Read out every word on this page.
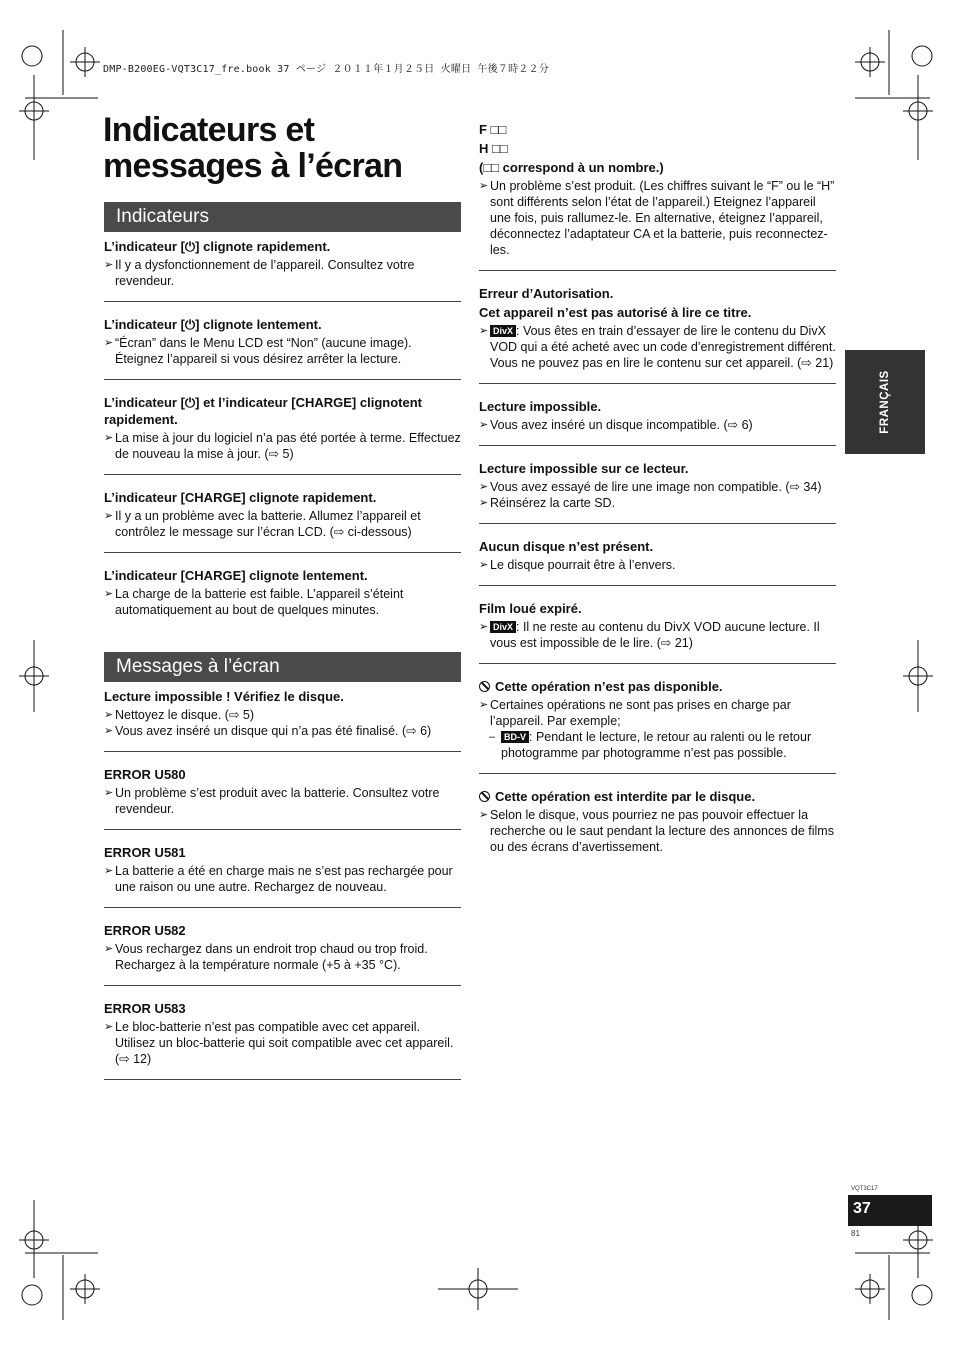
DMP-B200EG-VQT3C17_fre.book 37 ページ ２０１１年１月２５日 火曜日 午後７時２２分
Indicateurs et messages à l’écran
Indicateurs

L’indicateur [⏻] clignote rapidement.

➢ Il y a dysfonctionnement de l’appareil. Consultez votre revendeur.

L’indicateur [⏻] clignote lentement.

➢ “Écran” dans le Menu LCD est “Non” (aucune image). Éteignez l’appareil si vous désirez arrêter la lecture.

L’indicateur [⏻] et l’indicateur [CHARGE] clignotent rapidement.

➢ La mise à jour du logiciel n’a pas été portée à terme. Effectuez de nouveau la mise à jour. (⇨ 5)

L’indicateur [CHARGE] clignote rapidement.

➢ Il y a un problème avec la batterie. Allumez l’appareil et contrôlez le message sur l’écran LCD. (⇨ ci-dessous)

L’indicateur [CHARGE] clignote lentement.

➢ La charge de la batterie est faible. L’appareil s’éteint automatiquement au bout de quelques minutes.

Messages à l’écran

Lecture impossible ! Vérifiez le disque.

➢ Nettoyez le disque. (⇨ 5)

➢ Vous avez inséré un disque qui n’a pas été finalisé. (⇨ 6)

ERROR U580

➢ Un problème s’est produit avec la batterie. Consultez votre revendeur.

ERROR U581

➢ La batterie a été en charge mais ne s’est pas rechargée pour une raison ou une autre. Rechargez de nouveau.

ERROR U582

➢ Vous rechargez dans un endroit trop chaud ou trop froid. Rechargez à la température normale (+5 à +35 °C).

ERROR U583

➢ Le bloc-batterie n’est pas compatible avec cet appareil. Utilisez un bloc-batterie qui soit compatible avec cet appareil. (⇨ 12)

F □□

H □□

(□□ correspond à un nombre.)

➢ Un problème s’est produit. (Les chiffres suivant le “F” ou le “H” sont différents selon l’état de l’appareil.) Eteignez l’appareil une fois, puis rallumez-le. En alternative, éteignez l’appareil, déconnectez l’adaptateur CA et la batterie, puis reconnectez-les.

Erreur d’Autorisation.

Cet appareil n’est pas autorisé à lire ce titre.

➢ DivX : Vous êtes en train d’essayer de lire le contenu du DivX VOD qui a été acheté avec un code d’enregistrement différent. Vous ne pouvez pas en lire le contenu sur cet appareil. (⇨ 21)

Lecture impossible.

➢ Vous avez inséré un disque incompatible. (⇨ 6)

Lecture impossible sur ce lecteur.

➢ Vous avez essayé de lire une image non compatible. (⇨ 34)

➢ Réinsérez la carte SD.

Aucun disque n’est présent.

➢ Le disque pourrait être à l’envers.

Film loué expiré.

➢ DivX : Il ne reste au contenu du DivX VOD aucune lecture. Il vous est impossible de le lire. (⇨ 21)

Cette opération n’est pas disponible.

➢ Certaines opérations ne sont pas prises en charge par l’appareil. Par exemple;

– BD-V : Pendant le lecture, le retour au ralenti ou le retour photogramme par photogramme n’est pas possible.

Cette opération est interdite par le disque.

➢ Selon le disque, vous pourriez ne pas pouvoir effectuer la recherche ou le saut pendant la lecture des annonces de films ou des écrans d’avertissement.

FRANÇAIS
VQT3C17
37
81
